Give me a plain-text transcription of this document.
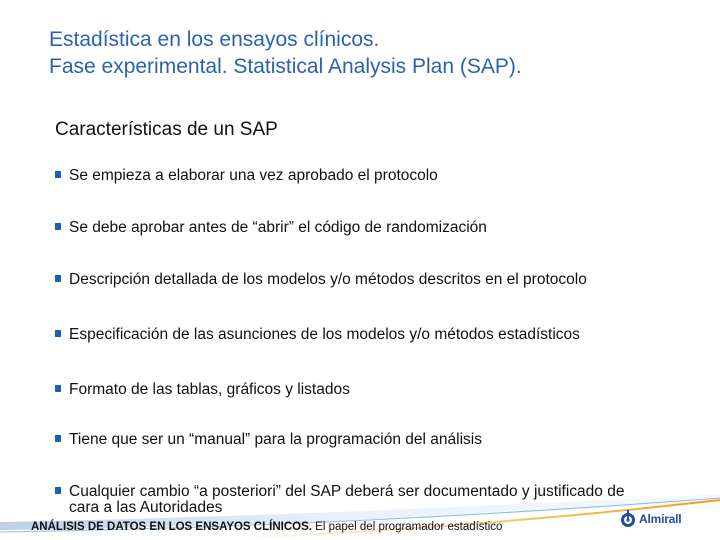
Estadística en los ensayos clínicos.
Fase experimental. Statistical Analysis Plan (SAP).
Características de un SAP
Se empieza a elaborar una vez aprobado el protocolo
Se debe aprobar antes de “abrir” el código de randomización
Descripción detallada de los modelos y/o métodos descritos en el protocolo
Especificación de las asunciones de los modelos y/o métodos estadísticos
Formato de las tablas, gráficos y listados
Tiene que ser un “manual” para la programación del análisis
Cualquier cambio “a posteriori” del SAP deberá ser documentado y justificado de cara a las Autoridades
ANÁLISIS DE DATOS EN LOS ENSAYOS CLÍNICOS. El papel del programador estadístico
Almirall
